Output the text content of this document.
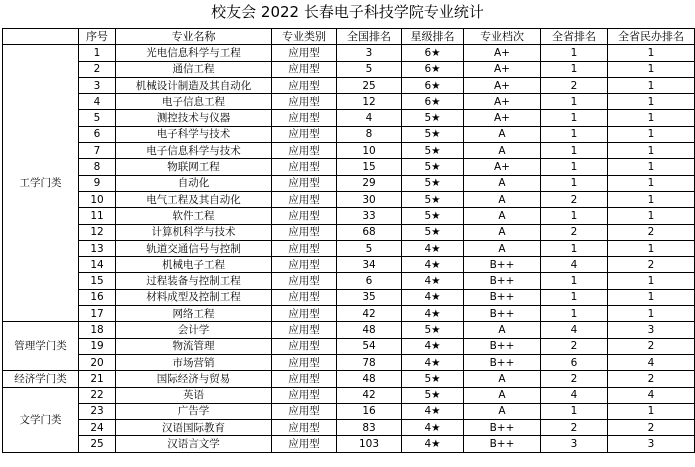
校友会 2022 长春电子科技学院专业统计
	序号	专业名称	专业类别	全国排名	星级排名	专业档次	全省排名	全省民办排名
工学门类	1	光电信息科学与工程	应用型	3	6★	A+	1	1
	2	通信工程	应用型	5	6★	A+	1	1
	3	机械设计制造及其自动化	应用型	25	6★	A+	2	1
	4	电子信息工程	应用型	12	6★	A+	1	1
	5	测控技术与仪器	应用型	4	5★	A+	1	1
	6	电子科学与技术	应用型	8	5★	A	1	1
	7	电子信息科学与技术	应用型	10	5★	A	1	1
	8	物联网工程	应用型	15	5★	A+	1	1
	9	自动化	应用型	29	5★	A	1	1
	10	电气工程及其自动化	应用型	30	5★	A	2	1
	11	软件工程	应用型	33	5★	A	1	1
	12	计算机科学与技术	应用型	68	5★	A	2	2
	13	轨道交通信号与控制	应用型	5	4★	A	1	1
	14	机械电子工程	应用型	34	4★	B++	4	2
	15	过程装备与控制工程	应用型	6	4★	B++	1	1
	16	材料成型及控制工程	应用型	35	4★	B++	1	1
	17	网络工程	应用型	42	4★	B++	1	1
管理学门类	18	会计学	应用型	48	5★	A	4	3
	19	物流管理	应用型	54	4★	B++	2	2
	20	市场营销	应用型	78	4★	B++	6	4
经济学门类	21	国际经济与贸易	应用型	48	5★	A	2	2
文学门类	22	英语	应用型	42	5★	A	4	4
	23	广告学	应用型	16	4★	A	1	1
	24	汉语国际教育	应用型	83	4★	B++	2	2
	25	汉语言文学	应用型	103	4★	B++	3	3
